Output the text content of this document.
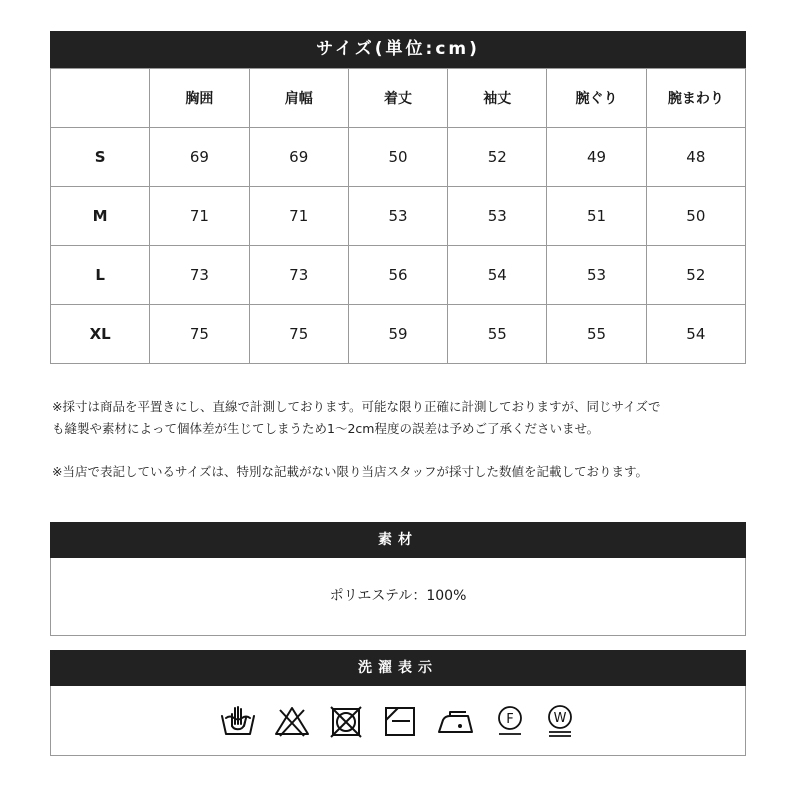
サイズ(単位:cm)
	胸囲	肩幅	着丈	袖丈	腕ぐり	腕まわり
S	69	69	50	52	49	48
M	71	71	53	53	51	50
L	73	73	56	54	53	52
XL	75	75	59	55	55	54
※採寸は商品を平置きにし、直線で計測しております。可能な限り正確に計測しておりますが、同じサイズで
も縫製や素材によって個体差が生じてしまうため1〜2cm程度の誤差は予めご了承くださいませ。
※当店で表記しているサイズは、特別な記載がない限り当店スタッフが採寸した数値を記載しております。
素材
ポリエステル：100%
洗濯表示
F	W
